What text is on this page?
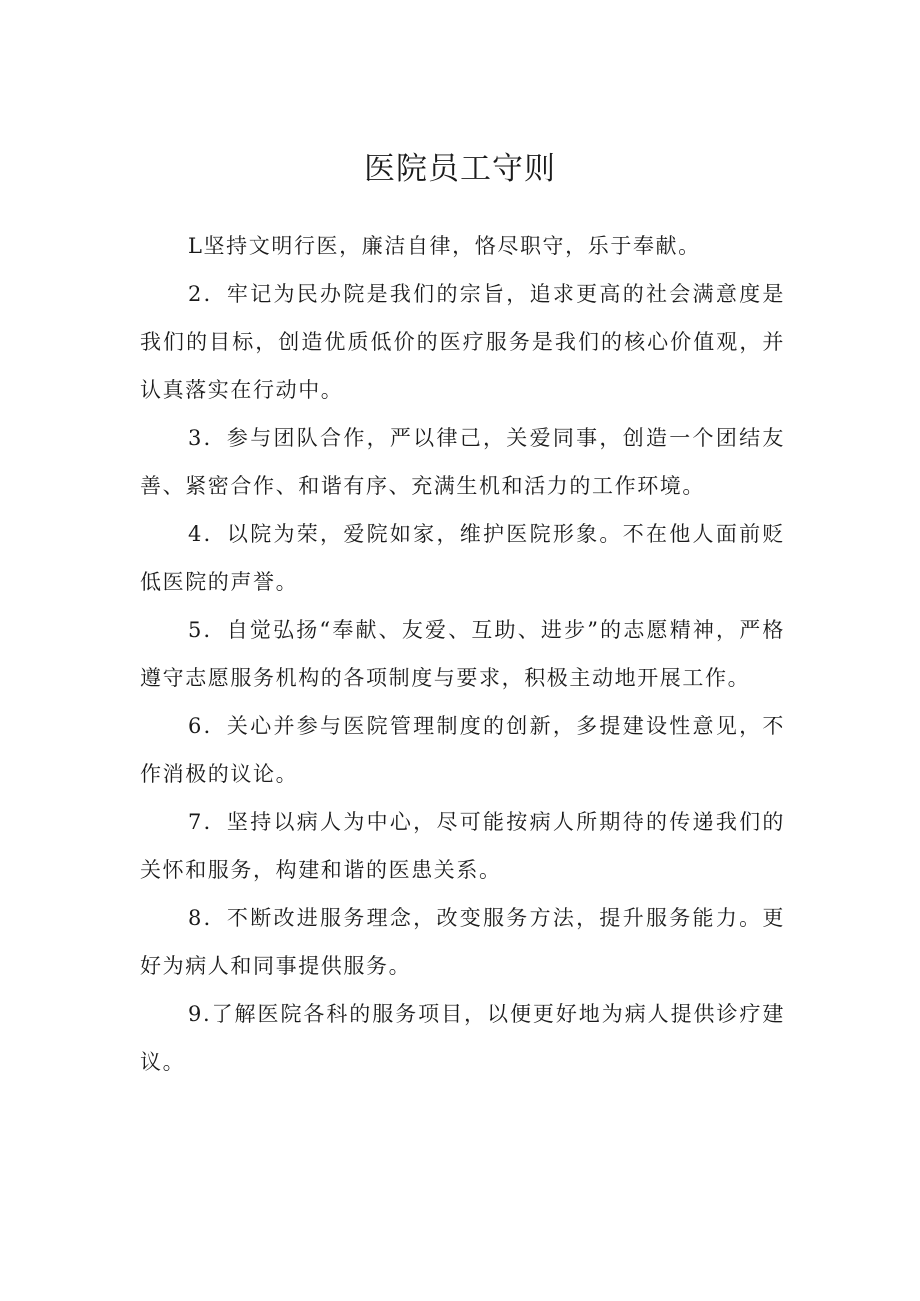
医院员工守则

L坚持文明行医，廉洁自律，恪尽职守，乐于奉献。

2．牢记为民办院是我们的宗旨，追求更高的社会满意度是我们的目标，创造优质低价的医疗服务是我们的核心价值观，并认真落实在行动中。

3．参与团队合作，严以律己，关爱同事，创造一个团结友善、紧密合作、和谐有序、充满生机和活力的工作环境。

4．以院为荣，爱院如家，维护医院形象。不在他人面前贬低医院的声誉。

5．自觉弘扬“奉献、友爱、互助、进步”的志愿精神，严格遵守志愿服务机构的各项制度与要求，积极主动地开展工作。

6．关心并参与医院管理制度的创新，多提建设性意见，不作消极的议论。

7．坚持以病人为中心，尽可能按病人所期待的传递我们的关怀和服务，构建和谐的医患关系。

8．不断改进服务理念，改变服务方法，提升服务能力。更好为病人和同事提供服务。

9.了解医院各科的服务项目，以便更好地为病人提供诊疗建议。
